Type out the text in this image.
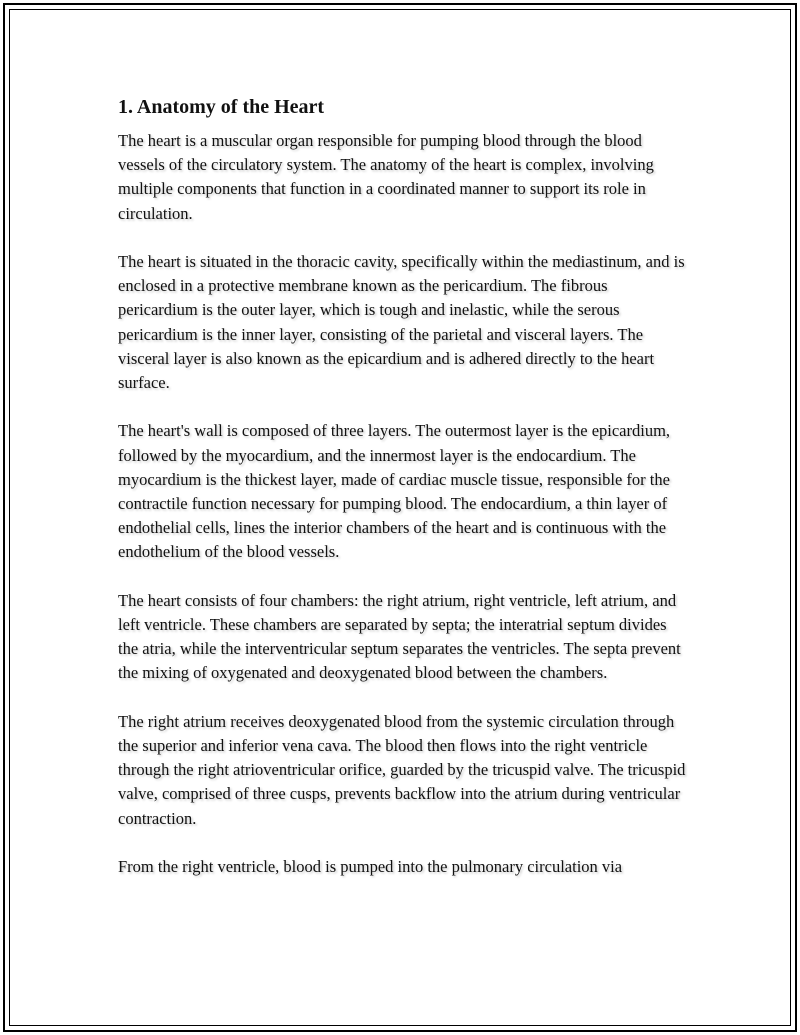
1. Anatomy of the Heart

The heart is a muscular organ responsible for pumping blood through the blood vessels of the circulatory system. The anatomy of the heart is complex, involving multiple components that function in a coordinated manner to support its role in circulation.

The heart is situated in the thoracic cavity, specifically within the mediastinum, and is enclosed in a protective membrane known as the pericardium. The fibrous pericardium is the outer layer, which is tough and inelastic, while the serous pericardium is the inner layer, consisting of the parietal and visceral layers. The visceral layer is also known as the epicardium and is adhered directly to the heart surface.

The heart's wall is composed of three layers. The outermost layer is the epicardium, followed by the myocardium, and the innermost layer is the endocardium. The myocardium is the thickest layer, made of cardiac muscle tissue, responsible for the contractile function necessary for pumping blood. The endocardium, a thin layer of endothelial cells, lines the interior chambers of the heart and is continuous with the endothelium of the blood vessels.

The heart consists of four chambers: the right atrium, right ventricle, left atrium, and left ventricle. These chambers are separated by septa; the interatrial septum divides the atria, while the interventricular septum separates the ventricles. The septa prevent the mixing of oxygenated and deoxygenated blood between the chambers.

The right atrium receives deoxygenated blood from the systemic circulation through the superior and inferior vena cava. The blood then flows into the right ventricle through the right atrioventricular orifice, guarded by the tricuspid valve. The tricuspid valve, comprised of three cusps, prevents backflow into the atrium during ventricular contraction.

From the right ventricle, blood is pumped into the pulmonary circulation via
